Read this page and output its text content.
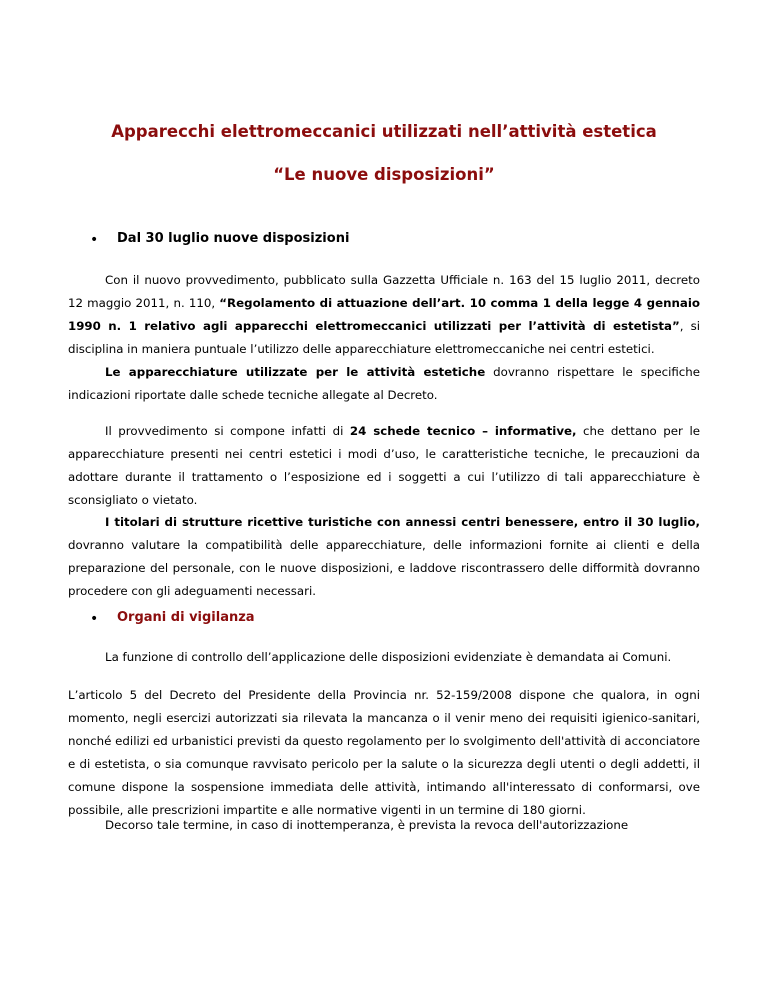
Apparecchi elettromeccanici utilizzati nell’attività estetica
“Le nuove disposizioni”
• Dal 30 luglio nuove disposizioni

Con il nuovo provvedimento, pubblicato sulla Gazzetta Ufficiale n. 163 del 15 luglio 2011, decreto 12 maggio 2011, n. 110, “Regolamento di attuazione dell’art. 10 comma 1 della legge 4 gennaio 1990 n. 1 relativo agli apparecchi elettromeccanici utilizzati per l’attività di estetista”, si disciplina in maniera puntuale l’utilizzo delle apparecchiature elettromeccaniche nei centri estetici.

Le apparecchiature utilizzate per le attività estetiche dovranno rispettare le specifiche indicazioni riportate dalle schede tecniche allegate al Decreto.

Il provvedimento si compone infatti di 24 schede tecnico – informative, che dettano per le apparecchiature presenti nei centri estetici i modi d’uso, le caratteristiche tecniche, le precauzioni da adottare durante il trattamento o l’esposizione ed i soggetti a cui l’utilizzo di tali apparecchiature è sconsigliato o vietato.

I titolari di strutture ricettive turistiche con annessi centri benessere, entro il 30 luglio, dovranno valutare la compatibilità delle apparecchiature, delle informazioni fornite ai clienti e della preparazione del personale, con le nuove disposizioni, e laddove riscontrassero delle difformità dovranno procedere con gli adeguamenti necessari.

• Organi di vigilanza

La funzione di controllo dell’applicazione delle disposizioni evidenziate è demandata ai Comuni.

L’articolo 5 del Decreto del Presidente della Provincia nr. 52-159/2008 dispone che qualora, in ogni momento, negli esercizi autorizzati sia rilevata la mancanza o il venir meno dei requisiti igienico-sanitari, nonché edilizi ed urbanistici previsti da questo regolamento per lo svolgimento dell'attività di acconciatore e di estetista, o sia comunque ravvisato pericolo per la salute o la sicurezza degli utenti o degli addetti, il comune dispone la sospensione immediata delle attività, intimando all'interessato di conformarsi, ove possibile, alle prescrizioni impartite e alle normative vigenti in un termine di 180 giorni.

Decorso tale termine, in caso di inottemperanza, è prevista la revoca dell'autorizzazione
